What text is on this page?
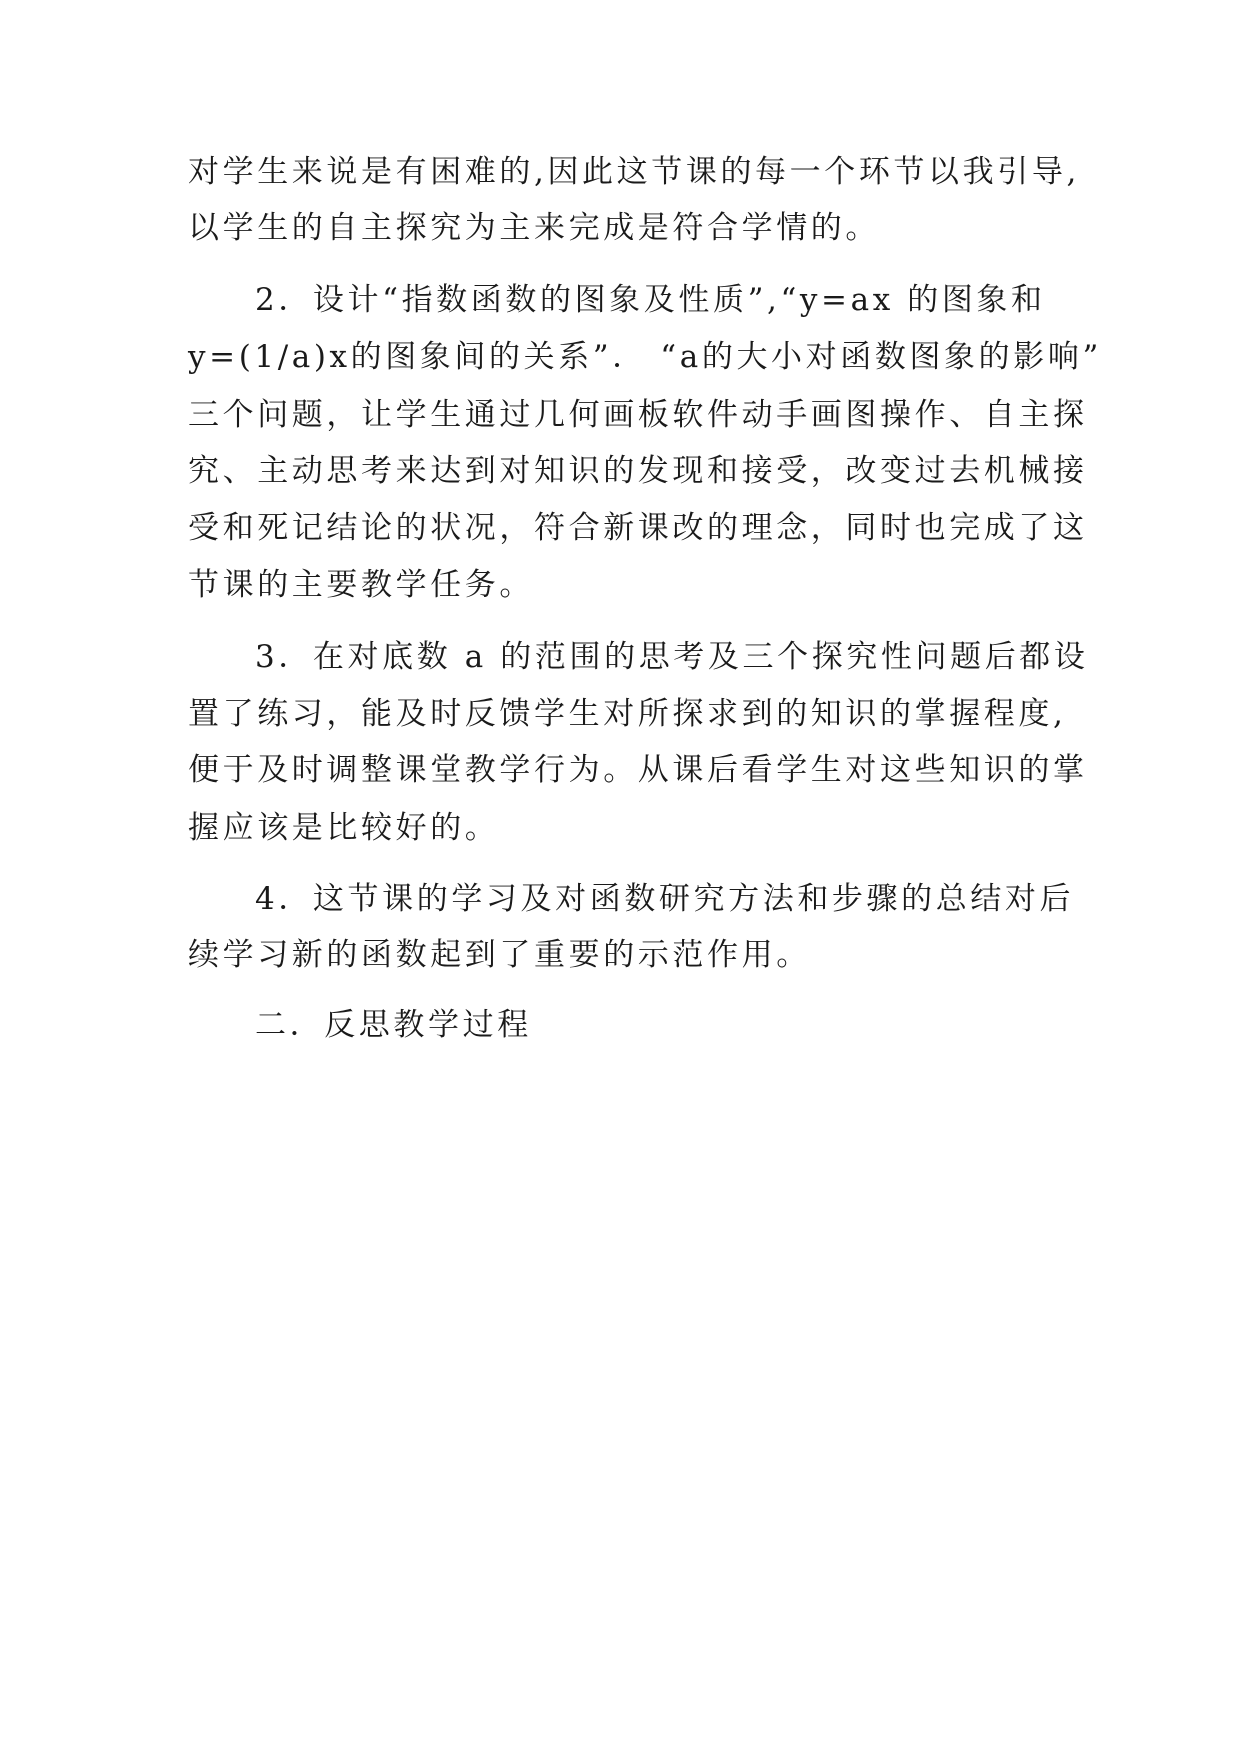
对学生来说是有困难的,因此这节课的每一个环节以我引导,
以学生的自主探究为主来完成是符合学情的。
2．设计“指数函数的图象及性质”,“y=ax 的图象和
y=(1/a)x的图象间的关系”． “a的大小对函数图象的影响”
三个问题，让学生通过几何画板软件动手画图操作、自主探
究、主动思考来达到对知识的发现和接受，改变过去机械接
受和死记结论的状况，符合新课改的理念，同时也完成了这
节课的主要教学任务。
3．在对底数 a 的范围的思考及三个探究性问题后都设
置了练习，能及时反馈学生对所探求到的知识的掌握程度,
便于及时调整课堂教学行为。从课后看学生对这些知识的掌
握应该是比较好的。
4．这节课的学习及对函数研究方法和步骤的总结对后
续学习新的函数起到了重要的示范作用。
二．反思教学过程
